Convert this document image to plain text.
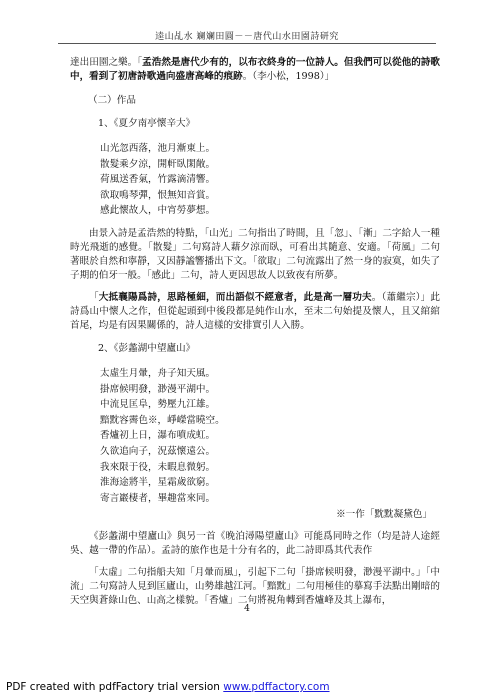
逵山乩水 斓斓田圓－－唐代山水田園詩研究

達出田園之樂。「孟浩然是唐代少有的，以布衣終身的一位詩人。但我們可以從他的詩歌中，看到了初唐詩歌過向盛唐高峰的痕跡。（李小松，1998）」

（二）作品
1、《夏夕南亭懷辛大》
山光忽西落，池月漸東上。
散髮乘夕涼，開軒臥閑敞。
荷風送香氣，竹露滴清響。
欲取鳴琴彈，恨無知音賞。
感此懷故人，中宵勞夢想。

由景入詩是孟浩然的特點，「山光」二句指出了時間，且「忽」、「漸」二字給人一種時光飛逝的感覺。「散髮」二句寫詩人藉夕涼而臥，可看出其隨意、安適。「荷風」二句著眼於自然和寧靜，又因靜謐響播出下文。「欲取」二句流露出了然一身的寂寞，如失了子期的伯牙一般。「感此」二句，詩人更因思故人以致夜有所夢。

「大抵襄陽爲詩，思路極細，而出語似不經意者，此是高一層功夫。（蕭繼宗）」此詩爲山中懷人之作，但從起頭到中後段都是純作山水，至末二句始提及懷人，且又綰綰首尾，均是有因果關係的，詩人這樣的安排實引人入勝。

2、《彭蠡湖中望廬山》
太虛生月暈，舟子知天風。
掛席候明發，渺漫平湖中。
中流見匡阜，勢壓九江雄。
黯黕容霽色※，崢嶸當曉空。
香爐初上日，瀑布噴成虹。
久欲追向子，況茲懷遠公。
我來限于役，未暇息微躬。
淮海途將半，星霜歲欲窮。
寄言巖棲者，畢趣當來同。
※一作「黕黕凝黛色」

《彭蠡湖中望廬山》與另一首《晚泊潯陽望廬山》可能爲同時之作（均是詩人途經吳、越一帶的作品）。孟詩的旅作也是十分有名的，此二詩即爲其代表作

「太虛」二句指船夫知「月暈而風」，引起下二句「掛席候明發，渺漫平湖中。」「中流」二句寫詩人見到匡廬山，山勢雄越江河。「黯黕」二句用極佳的摹寫手法點出剛暗的天空與蒼綠山色、山高之樣貌。「香爐」二句將視角轉到香爐峰及其上瀑布，

4
PDF created with pdfFactory trial version www.pdffactory.com
